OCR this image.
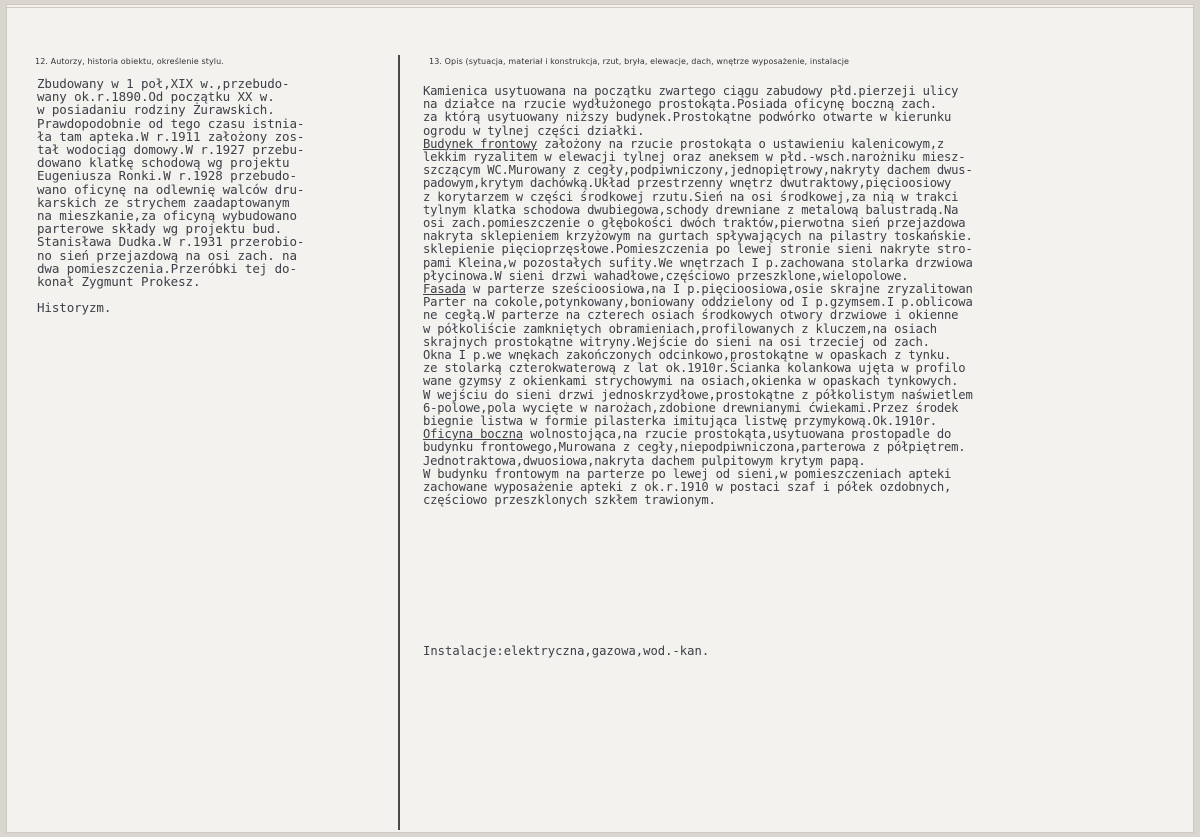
12. Autorzy, historia obiektu, określenie stylu.	13. Opis (sytuacja, materiał i konstrukcja, rzut, bryła, elewacje, dach, wnętrze wyposażenie, instalacje
Zbudowany w 1 poł,XIX w.,przebudo-
wany ok.r.1890.Od początku XX w.
w posiadaniu rodziny Żurawskich.
Prawdopodobnie od tego czasu istnia-
ła tam apteka.W r.1911 założony zos-
tał wodociąg domowy.W r.1927 przebu-
dowano klatkę schodową wg projektu
Eugeniusza Ronki.W r.1928 przebudo-
wano oficynę na odlewnię walców dru-
karskich ze strychem zaadaptowanym
na mieszkanie,za oficyną wybudowano
parterowe składy wg projektu bud.
Stanisława Dudka.W r.1931 przerobio-
no sień przejazdową na osi zach. na
dwa pomieszczenia.Przeróbki tej do-
konał Zygmunt Prokesz.
Historyzm.
Kamienica usytuowana na początku zwartego ciągu zabudowy płd.pierzeji ulicy
na działce na rzucie wydłużonego prostokąta.Posiada oficynę boczną zach.
za którą usytuowany niższy budynek.Prostokątne podwórko otwarte w kierunku
ogrodu w tylnej części działki.
Budynek frontowy założony na rzucie prostokąta o ustawieniu kalenicowym,z
lekkim ryzalitem w elewacji tylnej oraz aneksem w płd.-wsch.narożniku miesz-
szczącym WC.Murowany z cegły,podpiwniczony,jednopiętrowy,nakryty dachem dwus-
padowym,krytym dachówką.Układ przestrzenny wnętrz dwutraktowy,pięcioosiowy
z korytarzem w części środkowej rzutu.Sień na osi środkowej,za nią w trakci
tylnym klatka schodowa dwubiegowa,schody drewniane z metalową balustradą.Na
osi zach.pomieszczenie o głębokości dwóch traktów,pierwotna sień przejazdowa
nakryta sklepieniem krzyżowym na gurtach spływających na pilastry toskańskie.
sklepienie pięcioprzęsłowe.Pomieszczenia po lewej stronie sieni nakryte stro-
pami Kleina,w pozostałych sufity.We wnętrzach I p.zachowana stolarka drzwiowa
płycinowa.W sieni drzwi wahadłowe,częściowo przeszklone,wielopolowe.
Fasada w parterze sześcioosiowa,na I p.pięcioosiowa,osie skrajne zryzalitowan
Parter na cokole,potynkowany,boniowany oddzielony od I p.gzymsem.I p.oblicowa
ne cegłą.W parterze na czterech osiach środkowych otwory drzwiowe i okienne
w półkoliście zamkniętych obramieniach,profilowanych z kluczem,na osiach
skrajnych prostokątne witryny.Wejście do sieni na osi trzeciej od zach.
Okna I p.we wnękach zakończonych odcinkowo,prostokątne w opaskach z tynku.
ze stolarką czterokwaterową z lat ok.1910r.Ścianka kolankowa ujęta w profilo
wane gzymsy z okienkami strychowymi na osiach,okienka w opaskach tynkowych.
W wejściu do sieni drzwi jednoskrzydłowe,prostokątne z półkolistym naświetlem
6-polowe,pola wycięte w narożach,zdobione drewnianymi ćwiekami.Przez środek
biegnie listwa w formie pilasterka imitująca listwę przymykową.Ok.1910r.
Oficyna boczna wolnostojąca,na rzucie prostokąta,usytuowana prostopadle do
budynku frontowego,Murowana z cegły,niepodpiwniczona,parterowa z półpiętrem.
Jednotraktowa,dwuosiowa,nakryta dachem pulpitowym krytym papą.
W budynku frontowym na parterze po lewej od sieni,w pomieszczeniach apteki
zachowane wyposażenie apteki z ok.r.1910 w postaci szaf i półek ozdobnych,
częściowo przeszklonych szkłem trawionym.
Instalacje:elektryczna,gazowa,wod.-kan.
